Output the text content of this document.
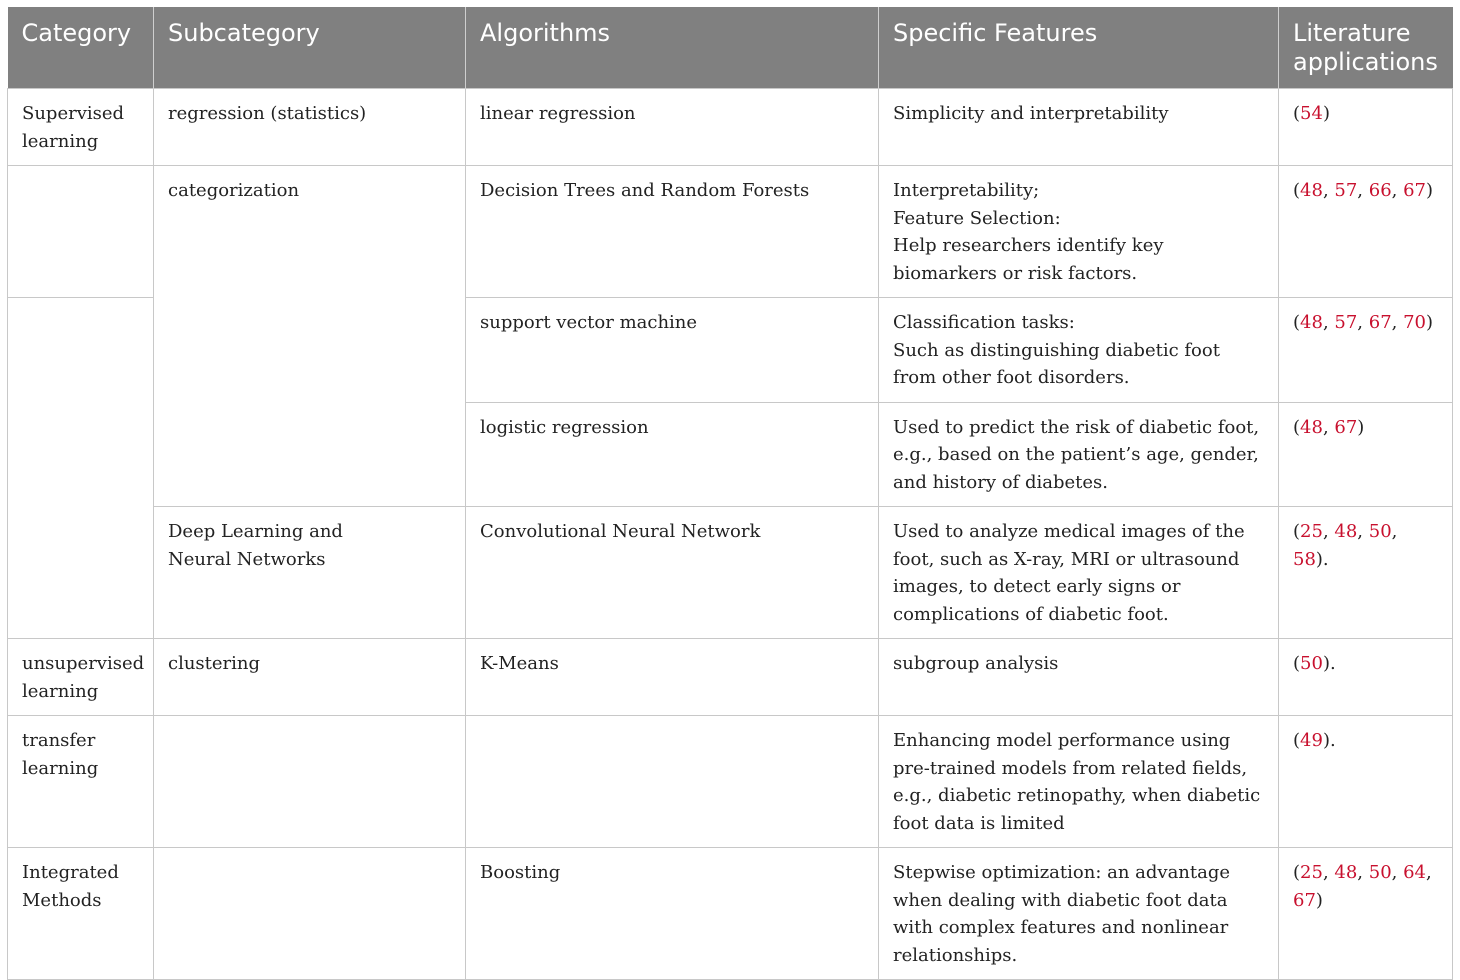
Category	Subcategory	Algorithms	Specific Features	Literature
applications
Supervised learning	regression (statistics)	linear regression	Simplicity and interpretability	(54)
	categorization	Decision Trees and Random Forests	Interpretability;
Feature Selection:
Help researchers identify key biomarkers or risk factors.	(48, 57, 66, 67)
		support vector machine	Classification tasks:
Such as distinguishing diabetic foot from other foot disorders.	(48, 57, 67, 70)
		logistic regression	Used to predict the risk of diabetic foot, e.g., based on the patient’s age, gender, and history of diabetes.	(48, 67)
	Deep Learning and
Neural Networks	Convolutional Neural Network	Used to analyze medical images of the foot, such as X-ray, MRI or ultrasound images, to detect early signs or complications of diabetic foot.	(25, 48, 50, 58).
unsupervised learning	clustering	K-Means	subgroup analysis	(50).
transfer learning			Enhancing model performance using pre-trained models from related fields, e.g., diabetic retinopathy, when diabetic foot data is limited	(49).
Integrated Methods		Boosting	Stepwise optimization: an advantage when dealing with diabetic foot data with complex features and nonlinear relationships.	(25, 48, 50, 64, 67)
